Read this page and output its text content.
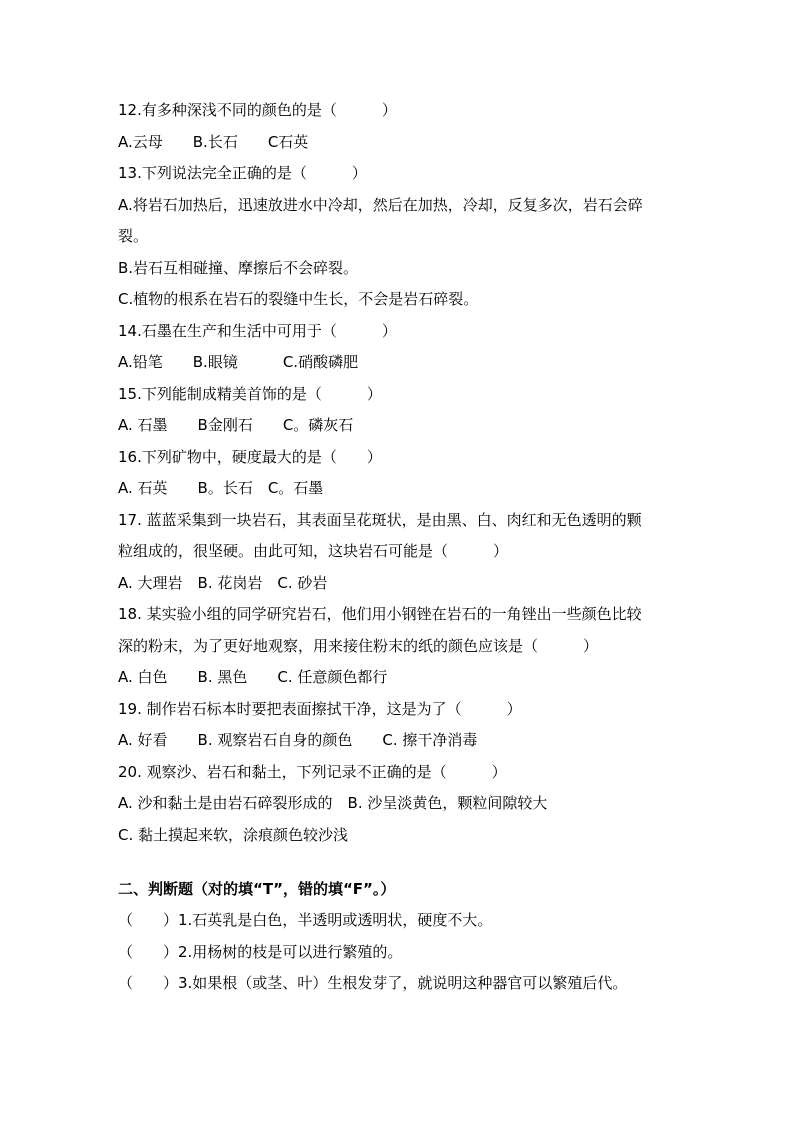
12.有多种深浅不同的颜色的是（　　　）
A.云母　　B.长石　　C石英
13.下列说法完全正确的是（　　　）
A.将岩石加热后，迅速放进水中冷却，然后在加热，冷却，反复多次，岩石会碎
裂。
B.岩石互相碰撞、摩擦后不会碎裂。
C.植物的根系在岩石的裂缝中生长，不会是岩石碎裂。
14.石墨在生产和生活中可用于（　　　）
A.铅笔　　B.眼镜　　　C.硝酸磷肥
15.下列能制成精美首饰的是（　　　）
A. 石墨　　B金刚石　　C。磷灰石
16.下列矿物中，硬度最大的是（　　）
A. 石英　　B。长石　C。石墨
17. 蓝蓝采集到一块岩石，其表面呈花斑状，是由黑、白、肉红和无色透明的颗
粒组成的，很坚硬。由此可知，这块岩石可能是（　　　）
A. 大理岩　B. 花岗岩　C. 砂岩
18. 某实验小组的同学研究岩石，他们用小钢锉在岩石的一角锉出一些颜色比较
深的粉末，为了更好地观察，用来接住粉末的纸的颜色应该是（　　　）
A. 白色　　B. 黑色　　C. 任意颜色都行
19. 制作岩石标本时要把表面擦拭干净，这是为了（　　　）
A. 好看　　B. 观察岩石自身的颜色　　C. 擦干净消毒
20. 观察沙、岩石和黏土，下列记录不正确的是（　　　）
A. 沙和黏土是由岩石碎裂形成的　B. 沙呈淡黄色，颗粒间隙较大
C. 黏土摸起来软，涂痕颜色较沙浅
二、判断题（对的填“T”，错的填“F”。）
（　　）1.石英乳是白色，半透明或透明状，硬度不大。
（　　）2.用杨树的枝是可以进行繁殖的。
（　　）3.如果根（或茎、叶）生根发芽了，就说明这种器官可以繁殖后代。
